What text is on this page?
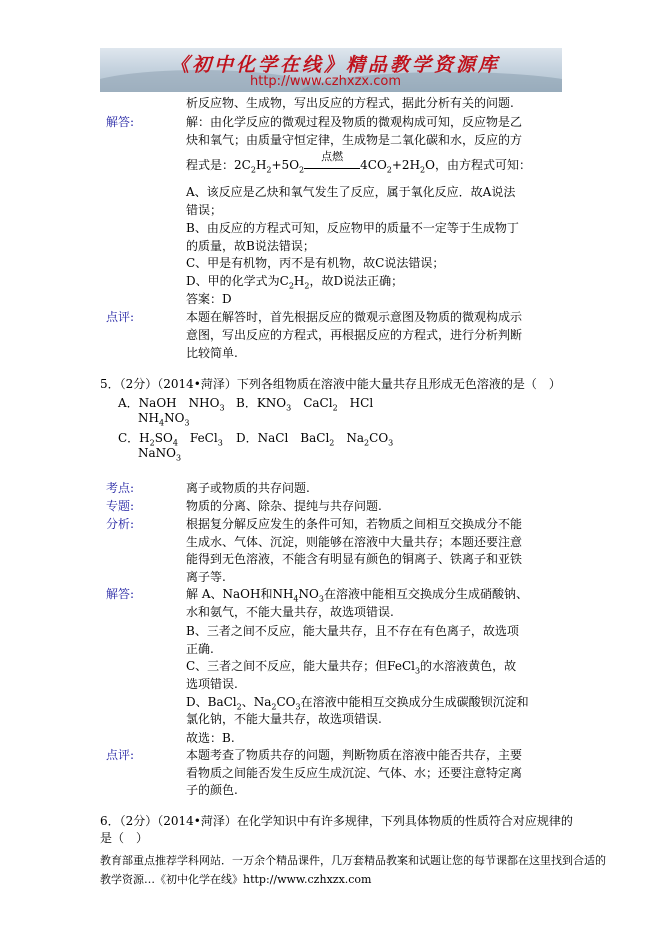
《初中化学在线》精品教学资源库
http://www.czhxzx.com
析反应物、生成物，写出反应的方程式，据此分析有关的问题.
解答:	解：由化学反应的微观过程及物质的微观构成可知，反应物是乙
炔和氧气；由质量守恒定律，生成物是二氧化碳和水，反应的方
程式是：$2C_2H_2+5O_2$
点燃
$4CO_2+2H_2O$，由方程式可知：
A、该反应是乙炔和氧气发生了反应，属于氧化反应．故A说法
错误；
B、由反应的方程式可知，反应物甲的质量不一定等于生成物丁
的质量，故B说法错误；
C、甲是有机物，丙不是有机物，故C说法错误；
D、甲的化学式为$C_2H_2$，故D说法正确；
答案：D
点评:	本题在解答时，首先根据反应的微观示意图及物质的微观构成示
意图，写出反应的方程式，再根据反应的方程式，进行分析判断
比较简单.
5．（2分）（2014•菏泽）下列各组物质在溶液中能大量共存且形成无色溶液的是（　）
A．NaOH　$NHO_3$ B．$KNO_3$　CaCl$_2$　HCl
$NH_4NO_3$
C．$H_2SO_4$　FeCl$_3$ D．NaCl　BaCl$_2$　$Na_2CO_3$
NaNO$_3$
考点:	离子或物质的共存问题.
专题:	物质的分离、除杂、提纯与共存问题.
分析:	根据复分解反应发生的条件可知，若物质之间相互交换成分不能
生成水、气体、沉淀，则能够在溶液中大量共存；本题还要注意
能得到无色溶液，不能含有明显有颜色的铜离子、铁离子和亚铁
离子等.
解答:	解 A、NaOH和$NH_4NO_3$在溶液中能相互交换成分生成硝酸钠、
水和氨气，不能大量共存，故选项错误.
B、三者之间不反应，能大量共存，且不存在有色离子，故选项
正确.
C、三者之间不反应，能大量共存；但FeCl$_3$的水溶液黄色，故
选项错误.
D、BaCl$_2$、$Na_2CO_3$在溶液中能相互交换成分生成碳酸钡沉淀和
氯化钠，不能大量共存，故选项错误.
故选：B.
点评:	本题考查了物质共存的问题，判断物质在溶液中能否共存，主要
看物质之间能否发生反应生成沉淀、气体、水；还要注意特定离
子的颜色.
6．（2分）（2014•菏泽）在化学知识中有许多规律，下列具体物质的性质符合对应规律的
是（　）
教育部重点推荐学科网站．一万余个精品课件，几万套精品教案和试题让您的每节课都在这里找到合适的
教学资源…《初中化学在线》http://www.czhxzx.com
